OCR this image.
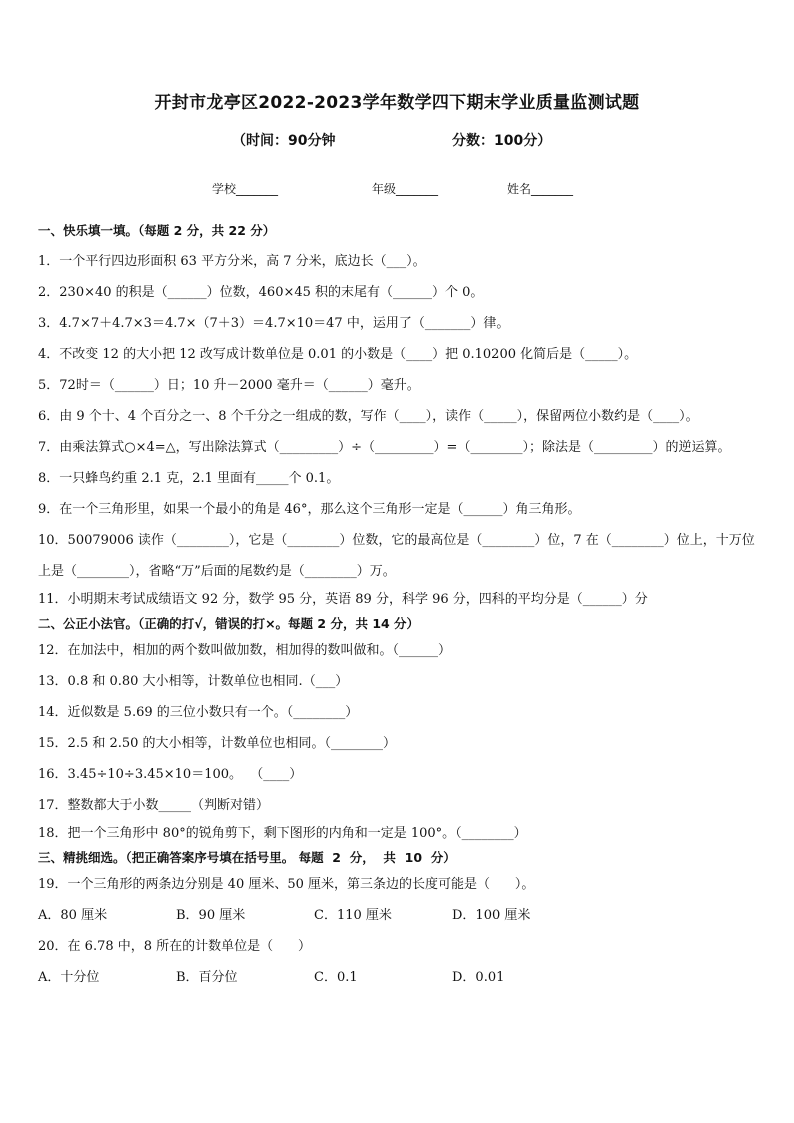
开封市龙亭区2022-2023学年数学四下期末学业质量监测试题
（时间：90分钟	分数：100分）
学校_______	年级_______	姓名_______
一、快乐填一填。（每题 2 分，共 22 分）
1．一个平行四边形面积 63 平方分米，高 7 分米，底边长（___）。
2．230×40 的积是（______）位数，460×45 积的末尾有（______）个 0。
3．4.7×7＋4.7×3＝4.7×（7＋3）＝4.7×10＝47 中，运用了（_______）律。
4．不改变 12 的大小把 12 改写成计数单位是 0.01 的小数是（____）把 0.10200 化简后是（_____）。
5．72时＝（______）日；10 升－2000 毫升＝（______）毫升。
6．由 9 个十、4 个百分之一、8 个千分之一组成的数，写作（____），读作（_____），保留两位小数约是（____）。
7．由乘法算式○×4=△，写出除法算式（_________）÷（_________）=（________）；除法是（_________）的逆运算。
8．一只蜂鸟约重 2.1 克，2.1 里面有_____个 0.1。
9．在一个三角形里，如果一个最小的角是 46°，那么这个三角形一定是（______）角三角形。
10．50079006 读作（________），它是（________）位数，它的最高位是（________）位，7 在（________）位上，十万位上是（________），省略“万”后面的尾数约是（________）万。
11．小明期末考试成绩语文 92 分，数学 95 分，英语 89 分，科学 96 分，四科的平均分是（______）分
二、公正小法官。（正确的打√，错误的打×。每题 2 分，共 14 分）
12．在加法中，相加的两个数叫做加数，相加得的数叫做和。（______）
13．0.8 和 0.80 大小相等，计数单位也相同.（___）
14．近似数是 5.69 的三位小数只有一个。（________）
15．2.5 和 2.50 的大小相等，计数单位也相同。（________）
16．3.45÷10÷3.45×10＝100。  （____）
17．整数都大于小数_____（判断对错）
18．把一个三角形中 80°的锐角剪下，剩下图形的内角和一定是 100°。（________）
三、精挑细选。（把正确答案序号填在括号里。 每题  2  分，  共  10  分）
19．一个三角形的两条边分别是 40 厘米、50 厘米，第三条边的长度可能是（      ）。
A．80 厘米	B．90 厘米	C．110 厘米	D．100 厘米
20．在 6.78 中，8 所在的计数单位是（      ）
A．十分位	B．百分位	C．0.1	D．0.01
